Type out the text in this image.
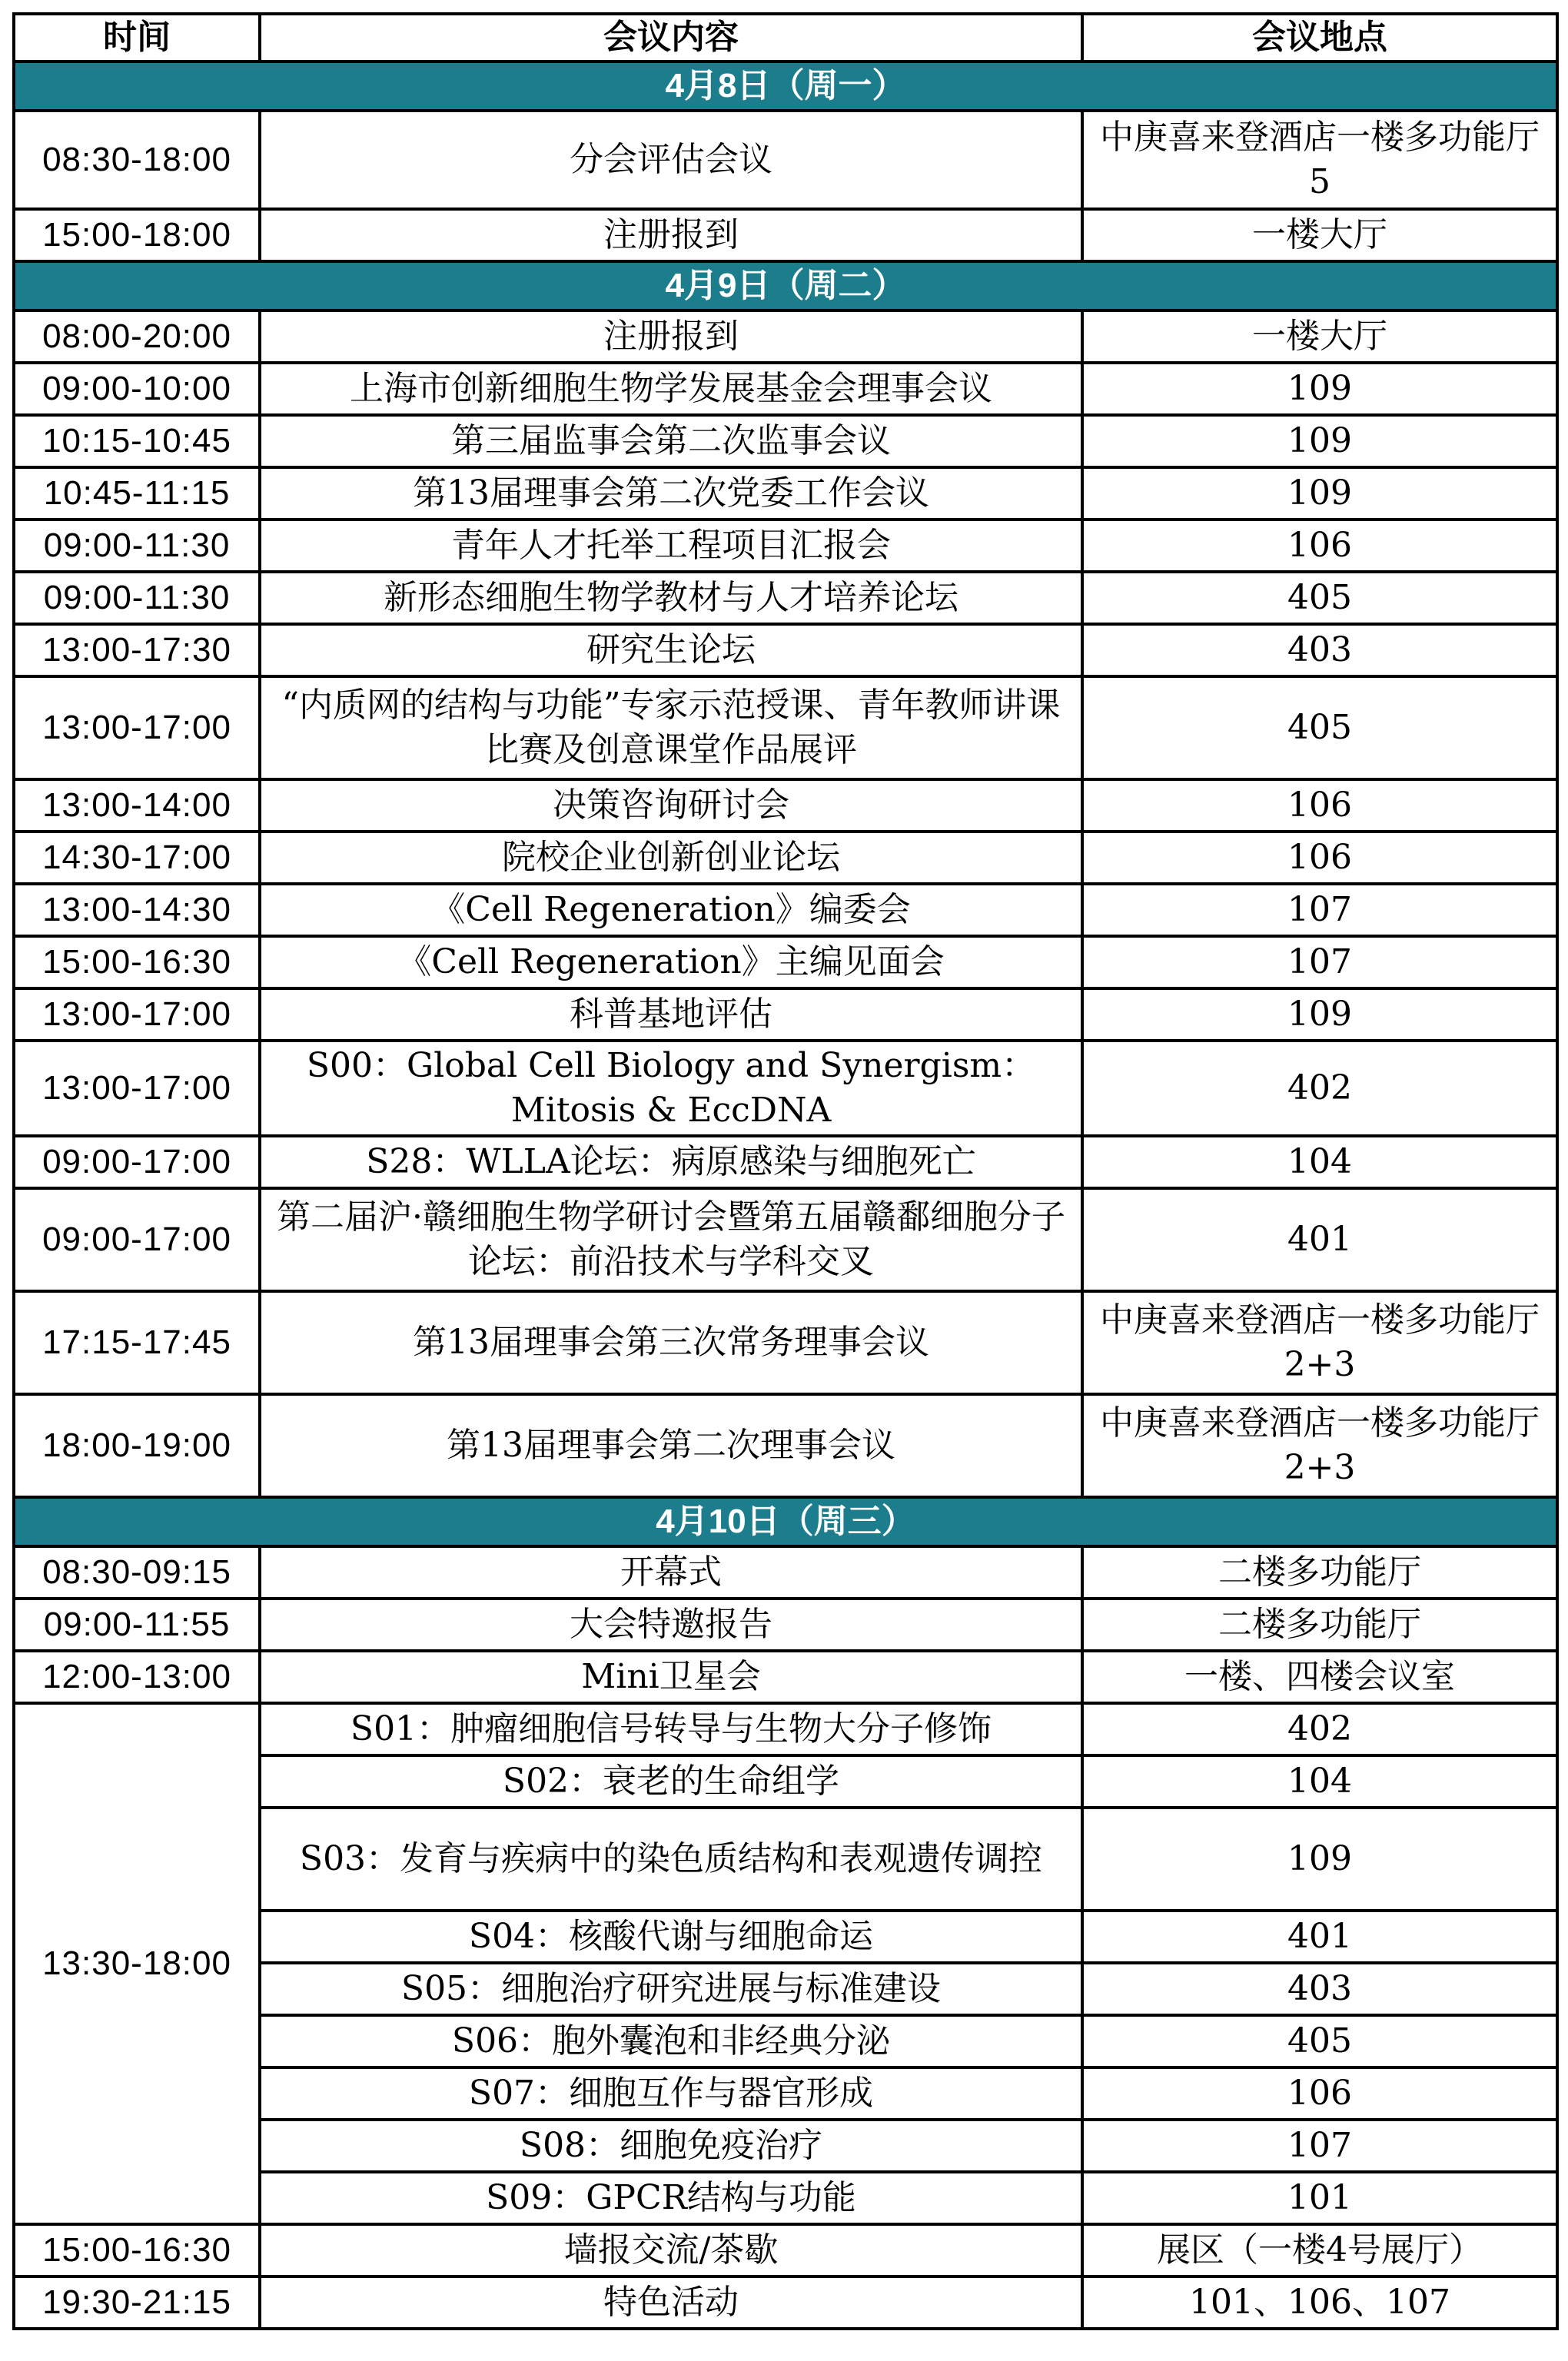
时间	会议内容	会议地点
4月8日（周一）		
08:30-18:00	分会评估会议	中庚喜来登酒店一楼多功能厅5
15:00-18:00	注册报到	一楼大厅
4月9日（周二）		
08:00-20:00	注册报到	一楼大厅
09:00-10:00	上海市创新细胞生物学发展基金会理事会议	109
10:15-10:45	第三届监事会第二次监事会议	109
10:45-11:15	第13届理事会第二次党委工作会议	109
09:00-11:30	青年人才托举工程项目汇报会	106
09:00-11:30	新形态细胞生物学教材与人才培养论坛	405
13:00-17:30	研究生论坛	403
13:00-17:00	“内质网的结构与功能”专家示范授课、青年教师讲课比赛及创意课堂作品展评	405
13:00-14:00	决策咨询研讨会	106
14:30-17:00	院校企业创新创业论坛	106
13:00-14:30	《Cell Regeneration》编委会	107
15:00-16:30	《Cell Regeneration》主编见面会	107
13:00-17:00	科普基地评估	109
13:00-17:00	S00：Global Cell Biology and Synergism： Mitosis & EccDNA	402
09:00-17:00	S28：WLLA论坛：病原感染与细胞死亡	104
09:00-17:00	第二届沪·赣细胞生物学研讨会暨第五届赣鄱细胞分子论坛：前沿技术与学科交叉	401
17:15-17:45	第13届理事会第三次常务理事会议	中庚喜来登酒店一楼多功能厅2+3
18:00-19:00	第13届理事会第二次理事会议	中庚喜来登酒店一楼多功能厅2+3
4月10日（周三）		
08:30-09:15	开幕式	二楼多功能厅
09:00-11:55	大会特邀报告	二楼多功能厅
12:00-13:00	Mini卫星会	一楼、四楼会议室
13:30-18:00	S01：肿瘤细胞信号转导与生物大分子修饰	402
	S02：衰老的生命组学	104
	S03：发育与疾病中的染色质结构和表观遗传调控	109
	S04：核酸代谢与细胞命运	401
	S05：细胞治疗研究进展与标准建设	403
	S06：胞外囊泡和非经典分泌	405
	S07：细胞互作与器官形成	106
	S08：细胞免疫治疗	107
	S09：GPCR结构与功能	101
15:00-16:30	墙报交流/茶歇	展区（一楼4号展厅）
19:30-21:15	特色活动	101、106、107
